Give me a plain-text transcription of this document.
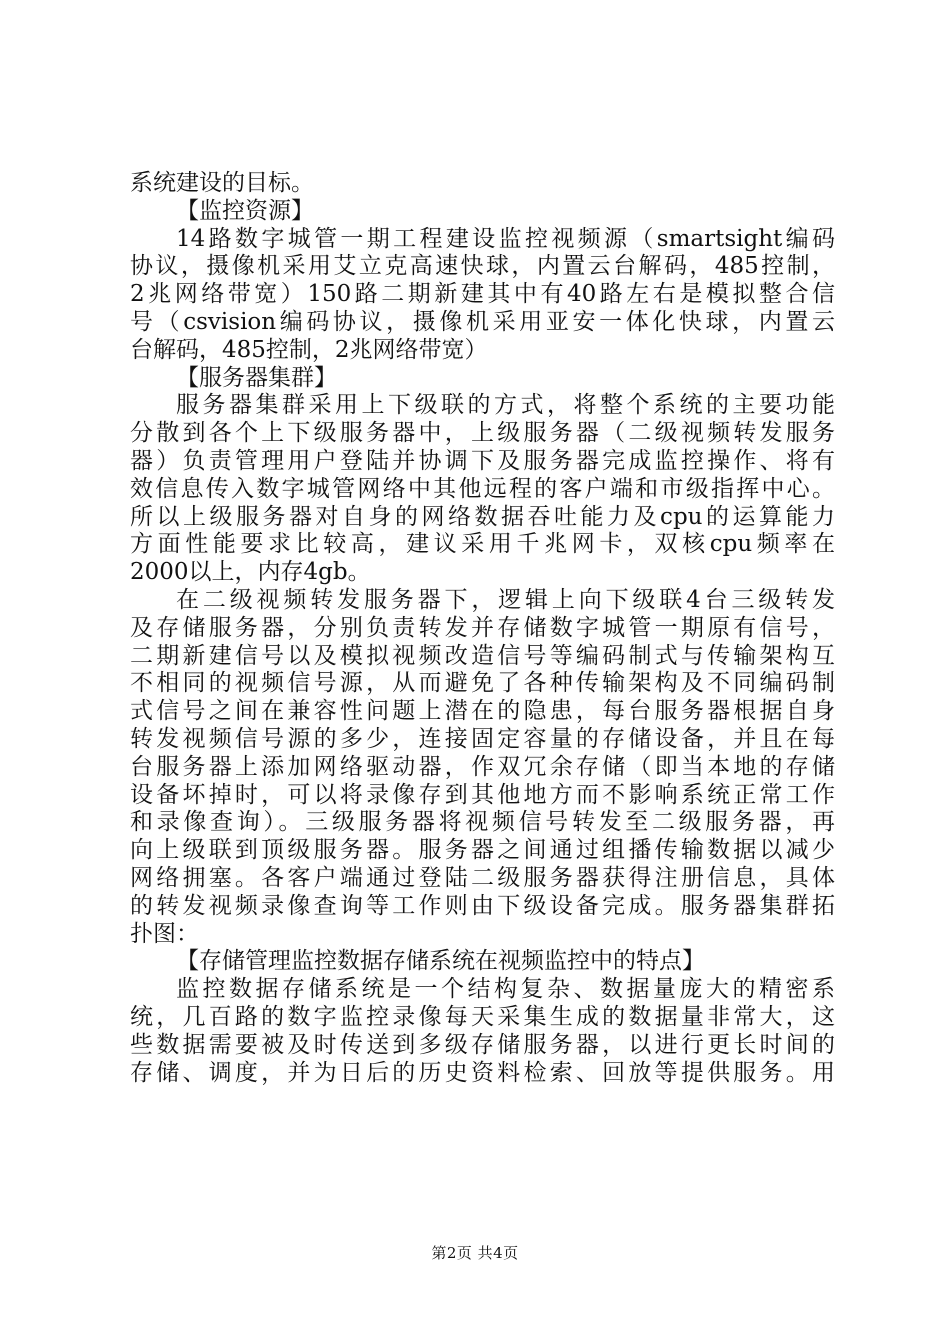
系统建设的目标。
【监控资源】
14路数字城管一期工程建设监控视频源（smartsight编码
协议，摄像机采用艾立克高速快球，内置云台解码，485控制，
2兆网络带宽）150路二期新建其中有40路左右是模拟整合信
号（csvision编码协议，摄像机采用亚安一体化快球，内置云
台解码，485控制，2兆网络带宽）
【服务器集群】
服务器集群采用上下级联的方式，将整个系统的主要功能
分散到各个上下级服务器中，上级服务器（二级视频转发服务
器）负责管理用户登陆并协调下及服务器完成监控操作、将有
效信息传入数字城管网络中其他远程的客户端和市级指挥中心。
所以上级服务器对自身的网络数据吞吐能力及cpu的运算能力
方面性能要求比较高，建议采用千兆网卡，双核cpu频率在
2000以上，内存4gb。
在二级视频转发服务器下，逻辑上向下级联4台三级转发
及存储服务器，分别负责转发并存储数字城管一期原有信号，
二期新建信号以及模拟视频改造信号等编码制式与传输架构互
不相同的视频信号源，从而避免了各种传输架构及不同编码制
式信号之间在兼容性问题上潜在的隐患，每台服务器根据自身
转发视频信号源的多少，连接固定容量的存储设备，并且在每
台服务器上添加网络驱动器，作双冗余存储（即当本地的存储
设备坏掉时，可以将录像存到其他地方而不影响系统正常工作
和录像查询）。三级服务器将视频信号转发至二级服务器，再
向上级联到顶级服务器。服务器之间通过组播传输数据以减少
网络拥塞。各客户端通过登陆二级服务器获得注册信息，具体
的转发视频录像查询等工作则由下级设备完成。服务器集群拓
扑图：
【存储管理监控数据存储系统在视频监控中的特点】
监控数据存储系统是一个结构复杂、数据量庞大的精密系
统，几百路的数字监控录像每天采集生成的数据量非常大，这
些数据需要被及时传送到多级存储服务器，以进行更长时间的
存储、调度，并为日后的历史资料检索、回放等提供服务。用
第2页 共4页
